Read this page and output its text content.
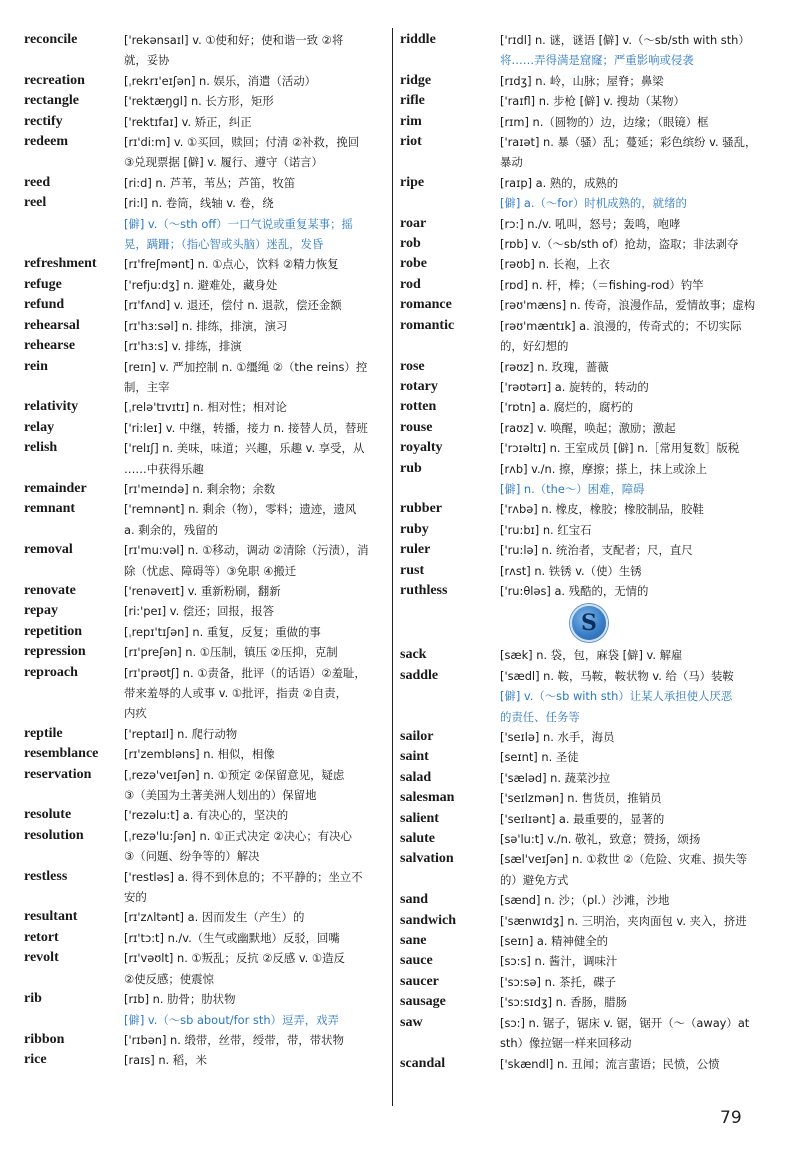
reconcile	['rekənsaɪl] v. ①使和好；使和谐一致 ②将
就，妥协
recreation	[ˌrekrɪ'eɪʃən] n. 娱乐，消遣（活动）
rectangle	['rektæŋgl] n. 长方形，矩形
rectify	['rektɪfaɪ] v. 矫正，纠正
redeem	[rɪ'di:m] v. ①买回，赎回；付清 ②补救，挽回
③兑现票据 [僻] v. 履行、遵守（诺言）
reed	[ri:d] n. 芦苇，苇丛；芦笛，牧笛
reel	[ri:l] n. 卷筒，线轴 v. 卷，绕
[僻] v.（～sth off）一口气说或重复某事；摇
晃，蹒跚；（指心智或头脑）迷乱，发昏
refreshment	[rɪ'freʃmənt] n. ①点心，饮料 ②精力恢复
refuge	['refju:dʒ] n. 避难处，藏身处
refund	[rɪ'fʌnd] v. 退还，偿付 n. 退款，偿还金额
rehearsal	[rɪ'hɜ:səl] n. 排练，排演，演习
rehearse	[rɪ'hɜ:s] v. 排练，排演
rein	[reɪn] v. 严加控制 n. ①缰绳 ②（the reins）控
制，主宰
relativity	[ˌrelə'tɪvɪtɪ] n. 相对性；相对论
relay	['ri:leɪ] v. 中继，转播，接力 n. 接替人员，替班
relish	['relɪʃ] n. 美味，味道；兴趣，乐趣 v. 享受，从
……中获得乐趣
remainder	[rɪ'meɪndə] n. 剩余物；余数
remnant	['remnənt] n. 剩余（物），零料；遗迹，遗风
a. 剩余的，残留的
removal	[rɪ'mu:vəl] n. ①移动，调动 ②清除（污渍），消
除（忧虑、障碍等）③免职 ④搬迁
renovate	['renəveɪt] v. 重新粉刷，翻新
repay	[ri:'peɪ] v. 偿还；回报，报答
repetition	[ˌrepɪ'tɪʃən] n. 重复，反复；重做的事
repression	[rɪ'preʃən] n. ①压制，镇压 ②压抑，克制
reproach	[rɪ'prəʊtʃ] n. ①责备，批评（的话语）②羞耻，
带来羞辱的人或事 v. ①批评，指责 ②自责，
内疚
reptile	['reptaɪl] n. 爬行动物
resemblance	[rɪ'zembləns] n. 相似，相像
reservation	[ˌrezə'veɪʃən] n. ①预定 ②保留意见，疑虑
③（美国为土著美洲人划出的）保留地
resolute	['rezəlu:t] a. 有决心的，坚决的
resolution	[ˌrezə'lu:ʃən] n. ①正式决定 ②决心；有决心
③（问题、纷争等的）解决
restless	['restləs] a. 得不到休息的；不平静的；坐立不
安的
resultant	[rɪ'zʌltənt] a. 因而发生（产生）的
retort	[rɪ'tɔ:t] n./v.（生气或幽默地）反驳，回嘴
revolt	[rɪ'vəʊlt] n. ①叛乱；反抗 ②反感 v. ①造反
②使反感；使震惊
rib	[rɪb] n. 肋骨；肋状物
[僻] v.（～sb about/for sth）逗弄，戏弄
ribbon	['rɪbən] n. 缎带，丝带，绶带，带，带状物
rice	[raɪs] n. 稻，米
riddle	['rɪdl] n. 谜，谜语 [僻] v.（～sb/sth with sth）
将……弄得满是窟窿；严重影响或侵袭
ridge	[rɪdʒ] n. 岭，山脉；屋脊；鼻梁
rifle	['raɪfl] n. 步枪 [僻] v. 搜劫（某物）
rim	[rɪm] n.（圆物的）边，边缘；（眼镜）框
riot	['raɪət] n. 暴（骚）乱；蔓延；彩色缤纷 v. 骚乱，
暴动
ripe	[raɪp] a. 熟的，成熟的
[僻] a.（～for）时机成熟的，就绪的
roar	[rɔ:] n./v. 吼叫，怒号；轰鸣，咆哮
rob	[rɒb] v.（～sb/sth of）抢劫，盗取；非法剥夺
robe	[rəʊb] n. 长袍，上衣
rod	[rɒd] n. 杆，棒；（＝fishing-rod）钓竿
romance	[rəʊ'mæns] n. 传奇，浪漫作品，爱情故事；虚构
romantic	[rəʊ'mæntɪk] a. 浪漫的，传奇式的；不切实际
的，好幻想的
rose	[rəʊz] n. 玫瑰，蔷薇
rotary	['rəʊtərɪ] a. 旋转的，转动的
rotten	['rɒtn] a. 腐烂的，腐朽的
rouse	[raʊz] v. 唤醒，唤起；激励；激起
royalty	['rɔɪəltɪ] n. 王室成员 [僻] n.［常用复数］版税
rub	[rʌb] v./n. 擦，摩擦；搽上，抹上或涂上
[僻] n.（the～）困难，障碍
rubber	['rʌbə] n. 橡皮，橡胶；橡胶制品，胶鞋
ruby	['ru:bɪ] n. 红宝石
ruler	['ru:lə] n. 统治者，支配者；尺，直尺
rust	[rʌst] n. 铁锈 v.（使）生锈
ruthless	['ru:θləs] a. 残酷的，无情的
S
sack	[sæk] n. 袋，包，麻袋 [僻] v. 解雇
saddle	['sædl] n. 鞍，马鞍，鞍状物 v. 给（马）装鞍
[僻] v.（～sb with sth）让某人承担使人厌恶
的责任、任务等
sailor	['seɪlə] n. 水手，海员
saint	[seɪnt] n. 圣徒
salad	['sæləd] n. 蔬菜沙拉
salesman	['seɪlzmən] n. 售货员，推销员
salient	['seɪlɪənt] a. 最重要的，显著的
salute	[sə'lu:t] v./n. 敬礼，致意；赞扬，颂扬
salvation	[sæl'veɪʃən] n. ①救世 ②（危险、灾难、损失等
的）避免方式
sand	[sænd] n. 沙；（pl.）沙滩，沙地
sandwich	['sænwɪdʒ] n. 三明治，夹肉面包 v. 夹入，挤进
sane	[seɪn] a. 精神健全的
sauce	[sɔ:s] n. 酱汁，调味汁
saucer	['sɔ:sə] n. 茶托，碟子
sausage	['sɔ:sɪdʒ] n. 香肠，腊肠
saw	[sɔ:] n. 锯子，锯床 v. 锯，锯开（～（away）at
sth）像拉锯一样来回移动
scandal	['skændl] n. 丑闻；流言蜚语；民愤，公愤
79
